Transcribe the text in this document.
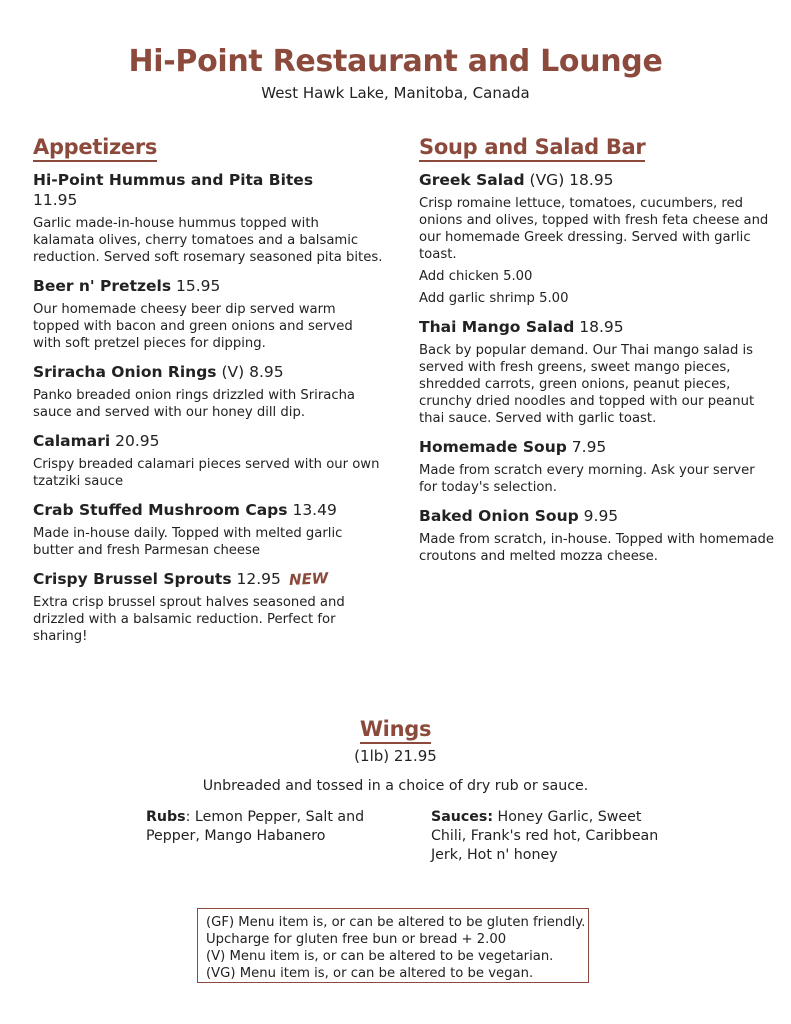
Hi-Point Restaurant and Lounge
West Hawk Lake, Manitoba, Canada
Appetizers
Hi-Point Hummus and Pita Bites
11.95
Garlic made-in-house hummus topped with kalamata olives, cherry tomatoes and a balsamic reduction. Served soft rosemary seasoned pita bites.
Beer n' Pretzels 15.95
Our homemade cheesy beer dip served warm topped with bacon and green onions and served with soft pretzel pieces for dipping.
Sriracha Onion Rings (V) 8.95
Panko breaded onion rings drizzled with Sriracha sauce and served with our honey dill dip.
Calamari 20.95
Crispy breaded calamari pieces served with our own tzatziki sauce
Crab Stuffed Mushroom Caps 13.49
Made in-house daily. Topped with melted garlic butter and fresh Parmesan cheese
Crispy Brussel Sprouts 12.95 NEW
Extra crisp brussel sprout halves seasoned and drizzled with a balsamic reduction. Perfect for sharing!
Soup and Salad Bar
Greek Salad (VG) 18.95
Crisp romaine lettuce, tomatoes, cucumbers, red onions and olives, topped with fresh feta cheese and our homemade Greek dressing. Served with garlic toast.
Add chicken 5.00
Add garlic shrimp 5.00
Thai Mango Salad 18.95
Back by popular demand. Our Thai mango salad is served with fresh greens, sweet mango pieces, shredded carrots, green onions, peanut pieces, crunchy dried noodles and topped with our peanut thai sauce. Served with garlic toast.
Homemade Soup 7.95
Made from scratch every morning. Ask your server for today's selection.
Baked Onion Soup 9.95
Made from scratch, in-house. Topped with homemade croutons and melted mozza cheese.
Wings
(1lb) 21.95
Unbreaded and tossed in a choice of dry rub or sauce.
Rubs: Lemon Pepper, Salt and Pepper, Mango Habanero
Sauces: Honey Garlic, Sweet Chili, Frank's red hot, Caribbean Jerk, Hot n' honey
(GF) Menu item is, or can be altered to be gluten friendly. Upcharge for gluten free bun or bread + 2.00
(V) Menu item is, or can be altered to be vegetarian.
(VG) Menu item is, or can be altered to be vegan.
